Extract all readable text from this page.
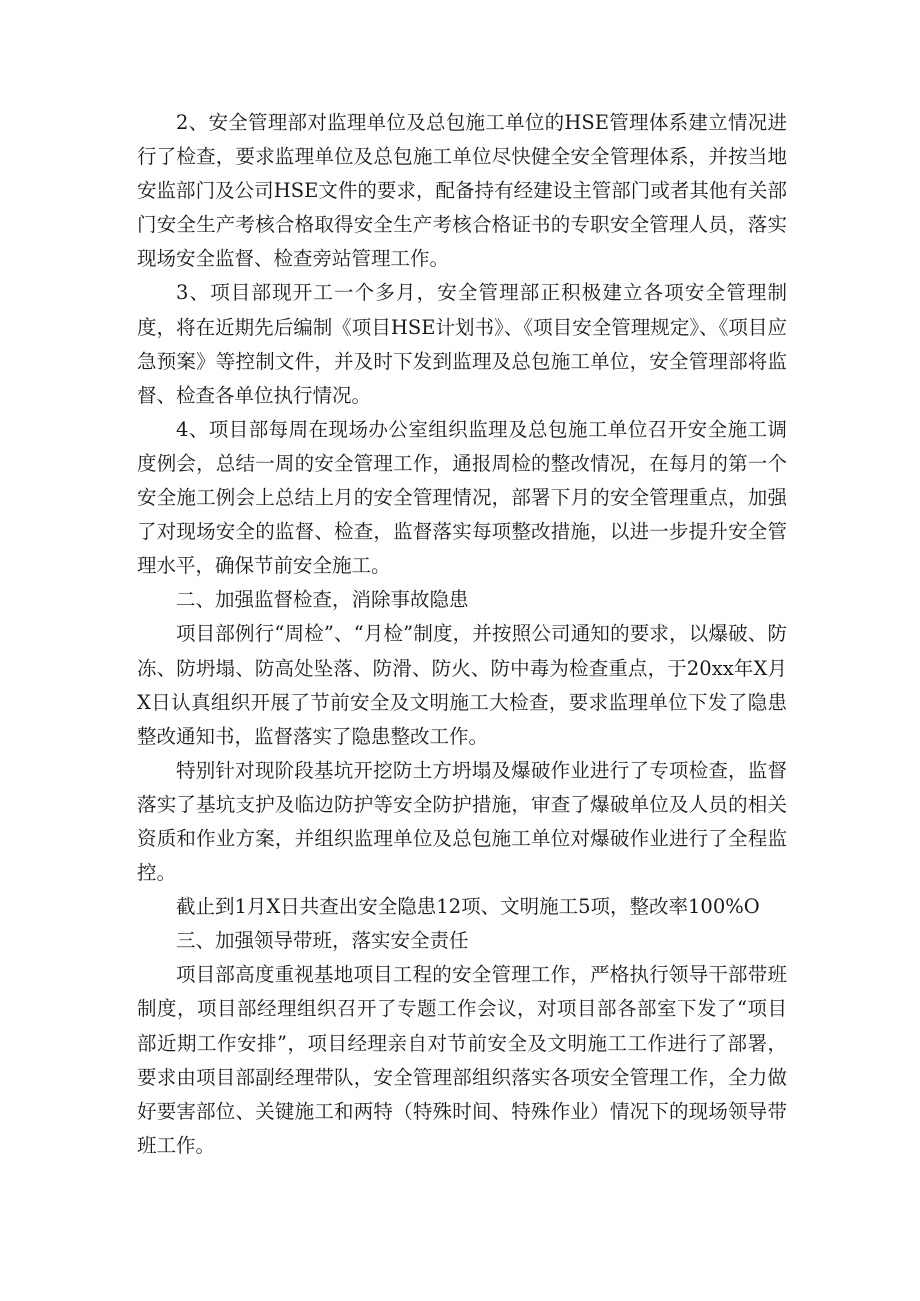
2、安全管理部对监理单位及总包施工单位的HSE管理体系建立情况进行了检查，要求监理单位及总包施工单位尽快健全安全管理体系，并按当地安监部门及公司HSE文件的要求，配备持有经建设主管部门或者其他有关部门安全生产考核合格取得安全生产考核合格证书的专职安全管理人员，落实现场安全监督、检查旁站管理工作。

3、项目部现开工一个多月，安全管理部正积极建立各项安全管理制度，将在近期先后编制《项目HSE计划书》、《项目安全管理规定》、《项目应急预案》等控制文件，并及时下发到监理及总包施工单位，安全管理部将监督、检查各单位执行情况。

4、项目部每周在现场办公室组织监理及总包施工单位召开安全施工调度例会，总结一周的安全管理工作，通报周检的整改情况，在每月的第一个安全施工例会上总结上月的安全管理情况，部署下月的安全管理重点，加强了对现场安全的监督、检查，监督落实每项整改措施，以进一步提升安全管理水平，确保节前安全施工。

二、加强监督检查，消除事故隐患

项目部例行“周检”、“月检”制度，并按照公司通知的要求，以爆破、防冻、防坍塌、防高处坠落、防滑、防火、防中毒为检查重点，于20xx年X月X日认真组织开展了节前安全及文明施工大检查，要求监理单位下发了隐患整改通知书，监督落实了隐患整改工作。

特别针对现阶段基坑开挖防土方坍塌及爆破作业进行了专项检查，监督落实了基坑支护及临边防护等安全防护措施，审查了爆破单位及人员的相关资质和作业方案，并组织监理单位及总包施工单位对爆破作业进行了全程监控。

截止到1月X日共查出安全隐患12项、文明施工5项，整改率100%O

三、加强领导带班，落实安全责任

项目部高度重视基地项目工程的安全管理工作，严格执行领导干部带班制度，项目部经理组织召开了专题工作会议，对项目部各部室下发了“项目部近期工作安排”，项目经理亲自对节前安全及文明施工工作进行了部署，要求由项目部副经理带队，安全管理部组织落实各项安全管理工作，全力做好要害部位、关键施工和两特（特殊时间、特殊作业）情况下的现场领导带班工作。
